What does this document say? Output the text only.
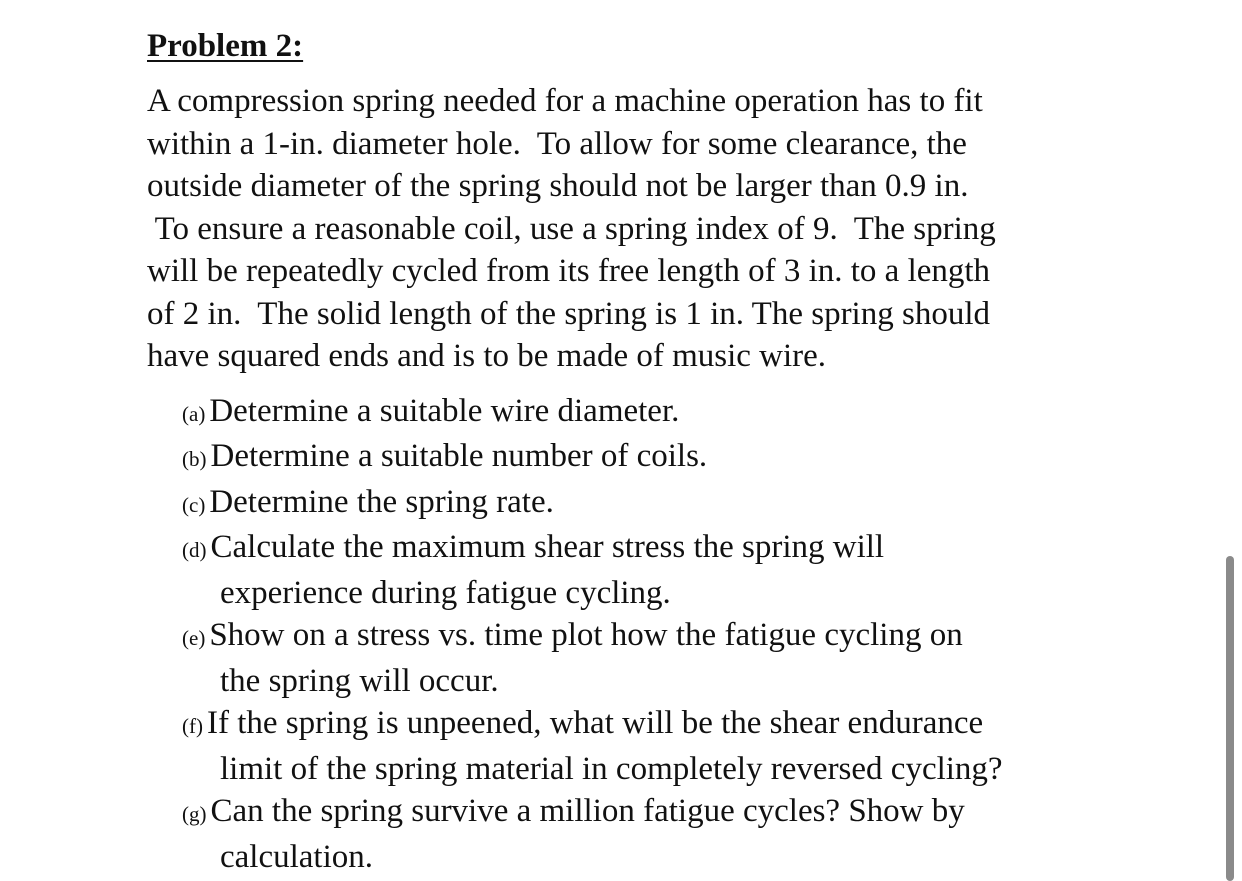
Problem 2:

A compression spring needed for a machine operation has to fit
within a 1-in. diameter hole.  To allow for some clearance, the
outside diameter of the spring should not be larger than 0.9 in.
To ensure a reasonable coil, use a spring index of 9.  The spring
will be repeatedly cycled from its free length of 3 in. to a length
of 2 in.  The solid length of the spring is 1 in. The spring should
have squared ends and is to be made of music wire.

(a) Determine a suitable wire diameter.
(b) Determine a suitable number of coils.
(c) Determine the spring rate.
(d) Calculate the maximum shear stress the spring will
experience during fatigue cycling.
(e) Show on a stress vs. time plot how the fatigue cycling on
the spring will occur.
(f) If the spring is unpeened, what will be the shear endurance
limit of the spring material in completely reversed cycling?
(g) Can the spring survive a million fatigue cycles? Show by
calculation.
